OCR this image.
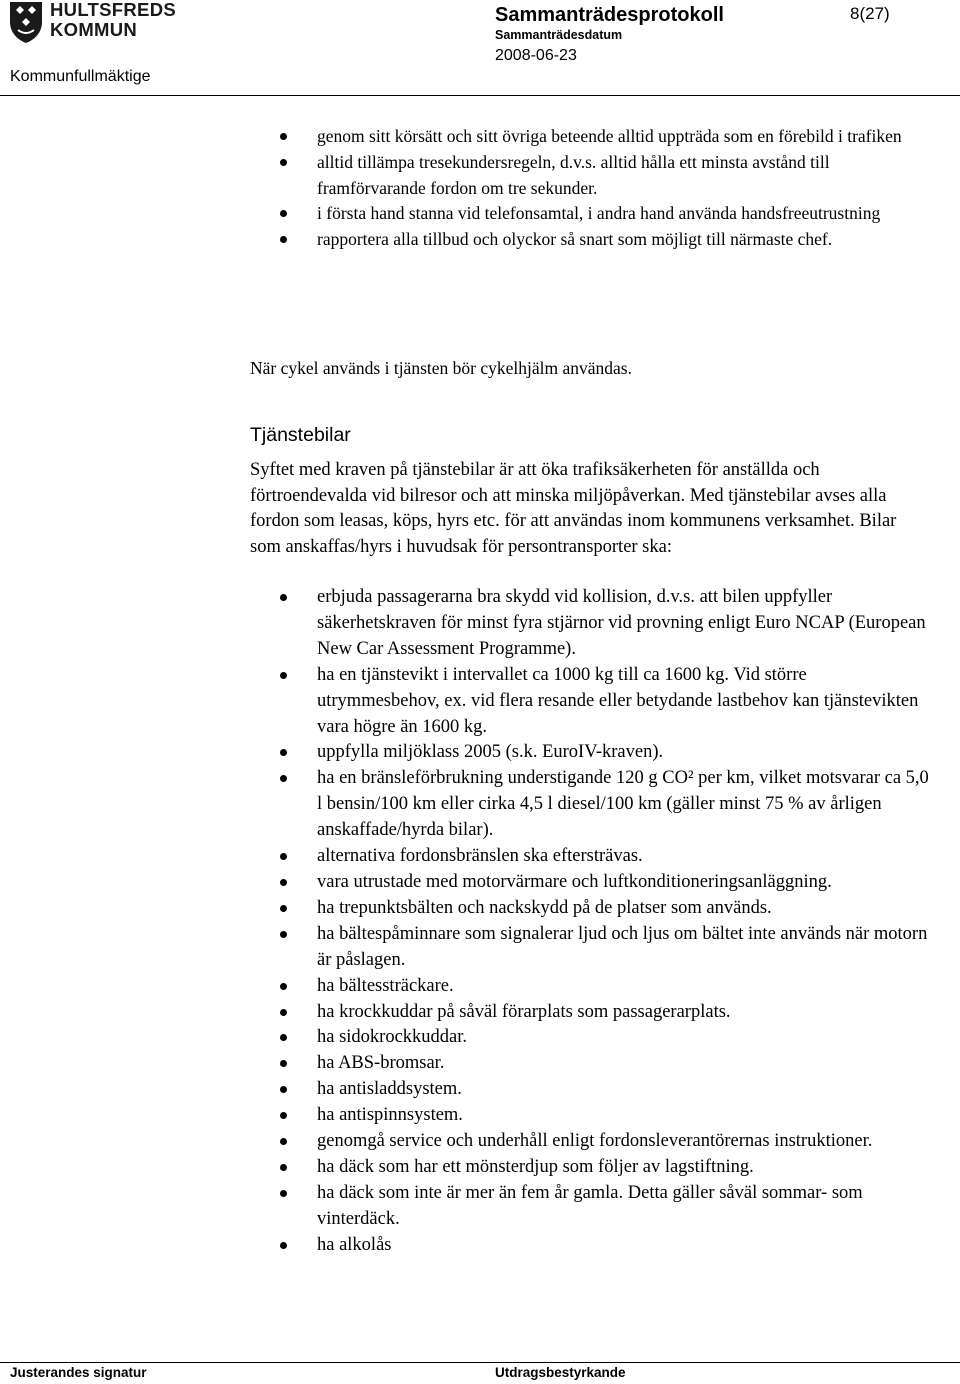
HULTSFREDS
KOMMUN
Sammanträdesprotokoll
Sammanträdesdatum
2008-06-23
8(27)
Kommunfullmäktige
genom sitt körsätt och sitt övriga beteende alltid uppträda som en förebild i trafiken
alltid tillämpa tresekundersregeln, d.v.s. alltid hålla ett minsta avstånd till framförvarande fordon om tre sekunder.
i första hand stanna vid telefonsamtal, i andra hand använda handsfreeutrustning
rapportera alla tillbud och olyckor så snart som möjligt till närmaste chef.
När cykel används i tjänsten bör cykelhjälm användas.
Tjänstebilar
Syftet med kraven på tjänstebilar är att öka trafiksäkerheten för anställda och förtroendevalda vid bilresor och att minska miljöpåverkan. Med tjänstebilar avses alla fordon som leasas, köps, hyrs etc. för att användas inom kommunens verksamhet. Bilar som anskaffas/hyrs i huvudsak för persontransporter ska:
erbjuda passagerarna bra skydd vid kollision, d.v.s. att bilen uppfyller säkerhetskraven för minst fyra stjärnor vid provning enligt Euro NCAP (European New Car Assessment Programme).
ha en tjänstevikt i intervallet ca 1000 kg till ca 1600 kg. Vid större utrymmesbehov, ex. vid flera resande eller betydande lastbehov kan tjänstevikten vara högre än 1600 kg.
uppfylla miljöklass 2005 (s.k. EuroIV-kraven).
ha en bränsleförbrukning understigande 120 g CO² per km, vilket motsvarar ca 5,0 l bensin/100 km eller cirka 4,5 l diesel/100 km (gäller minst 75 % av årligen anskaffade/hyrda bilar).
alternativa fordonsbränslen ska eftersträvas.
vara utrustade med motorvärmare och luftkonditioneringsanläggning.
ha trepunktsbälten och nackskydd på de platser som används.
ha bältespåminnare som signalerar ljud och ljus om bältet inte används när motorn är påslagen.
ha bältessträckare.
ha krockkuddar på såväl förarplats som passagerarplats.
ha sidokrockkuddar.
ha ABS-bromsar.
ha antisladdsystem.
ha antispinnsystem.
genomgå service och underhåll enligt fordonsleverantörernas instruktioner.
ha däck som har ett mönsterdjup som följer av lagstiftning.
ha däck som inte är mer än fem år gamla. Detta gäller såväl sommar- som vinterdäck.
ha alkolås
Justerandes signatur	Utdragsbestyrkande
